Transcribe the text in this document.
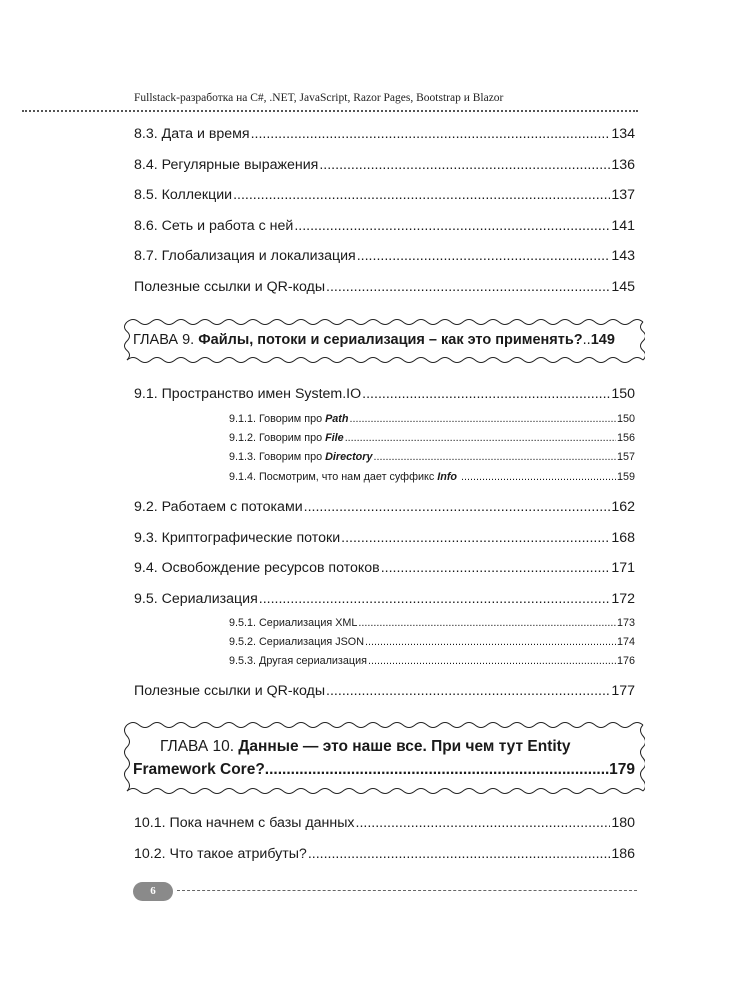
Fullstack-разработка на C#, .NET, JavaScript, Razor Pages, Bootstrap и Blazor
8.3. Дата и время .....	134
8.4. Регулярные выражения .....	136
8.5. Коллекции .....	137
8.6. Сеть и работа с ней .....	141
8.7. Глобализация и локализация .....	143
Полезные ссылки и QR-коды .....	145
ГЛАВА 9.
Файлы, потоки и сериализация – как это применять? .. 149
9.1. Пространство имен System.IO .....	150
9.1.1. Говорим про Path .....	150
9.1.2. Говорим про File .....	156
9.1.3. Говорим про Directory .....	157
9.1.4. Посмотрим, что нам дает суффикс Info .....	159
9.2. Работаем с потоками .....	162
9.3. Криптографические потоки .....	168
9.4. Освобождение ресурсов потоков .....	171
9.5. Сериализация .....	172
9.5.1. Сериализация XML .....	173
9.5.2. Сериализация JSON .....	174
9.5.3. Другая сериализация .....	176
Полезные ссылки и QR-коды .....	177
ГЛАВА 10. Данные — это наше все. При чем тут Entity
Framework Core? .....	179
10.1. Пока начнем с базы данных .....	180
10.2. Что такое атрибуты? .....	186
6
